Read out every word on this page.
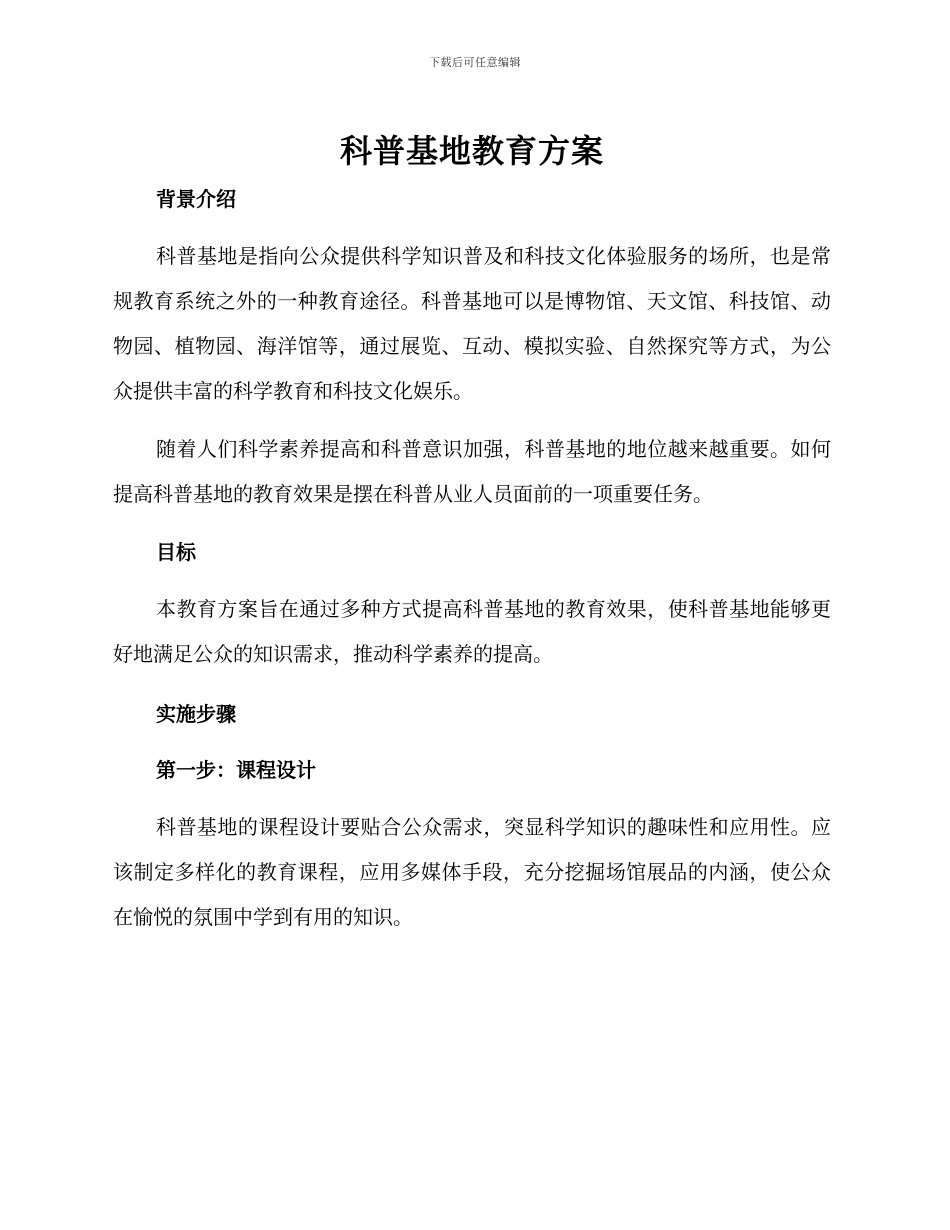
下载后可任意编辑
科普基地教育方案
背景介绍

科普基地是指向公众提供科学知识普及和科技文化体验服务的场所，也是常规教育系统之外的一种教育途径。科普基地可以是博物馆、天文馆、科技馆、动物园、植物园、海洋馆等，通过展览、互动、模拟实验、自然探究等方式，为公众提供丰富的科学教育和科技文化娱乐。

随着人们科学素养提高和科普意识加强，科普基地的地位越来越重要。如何提高科普基地的教育效果是摆在科普从业人员面前的一项重要任务。

目标

本教育方案旨在通过多种方式提高科普基地的教育效果，使科普基地能够更好地满足公众的知识需求，推动科学素养的提高。

实施步骤
第一步：课程设计

科普基地的课程设计要贴合公众需求，突显科学知识的趣味性和应用性。应该制定多样化的教育课程，应用多媒体手段，充分挖掘场馆展品的内涵，使公众在愉悦的氛围中学到有用的知识。
